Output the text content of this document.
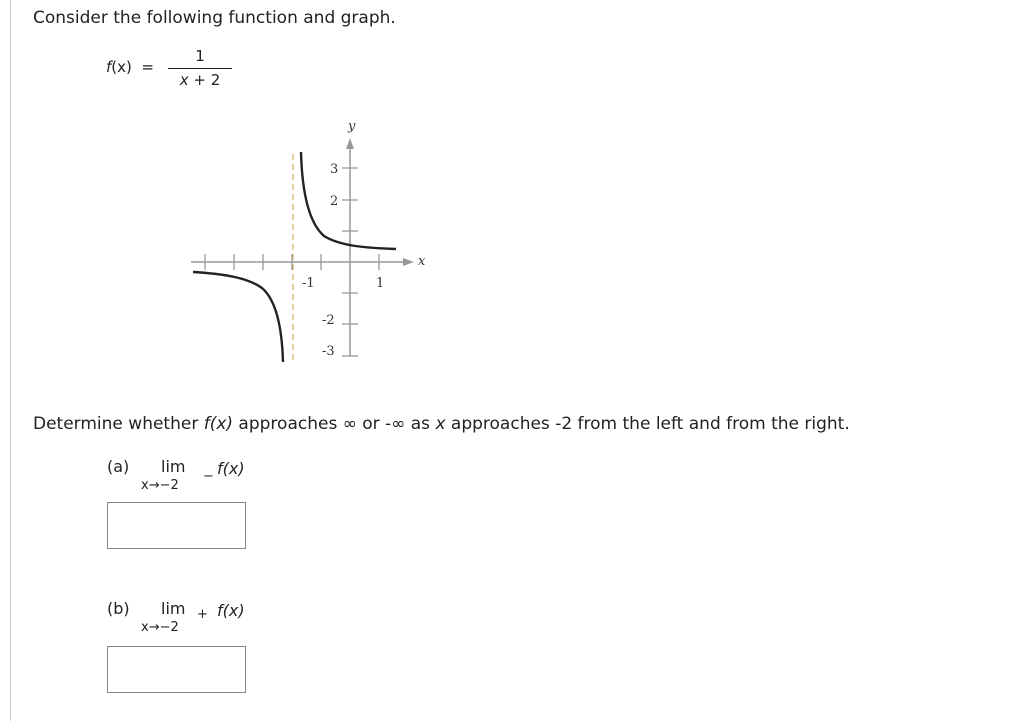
Consider the following function and graph.

f(x)  =
1
x + 2
y
x
-1	1
3
2
-2
-3
Determine whether f(x) approaches ∞ or -∞ as x approaches -2 from the left and from the right.
(a) lim
x→−2
− f(x)
(b) lim
x→−2
+ f(x)
